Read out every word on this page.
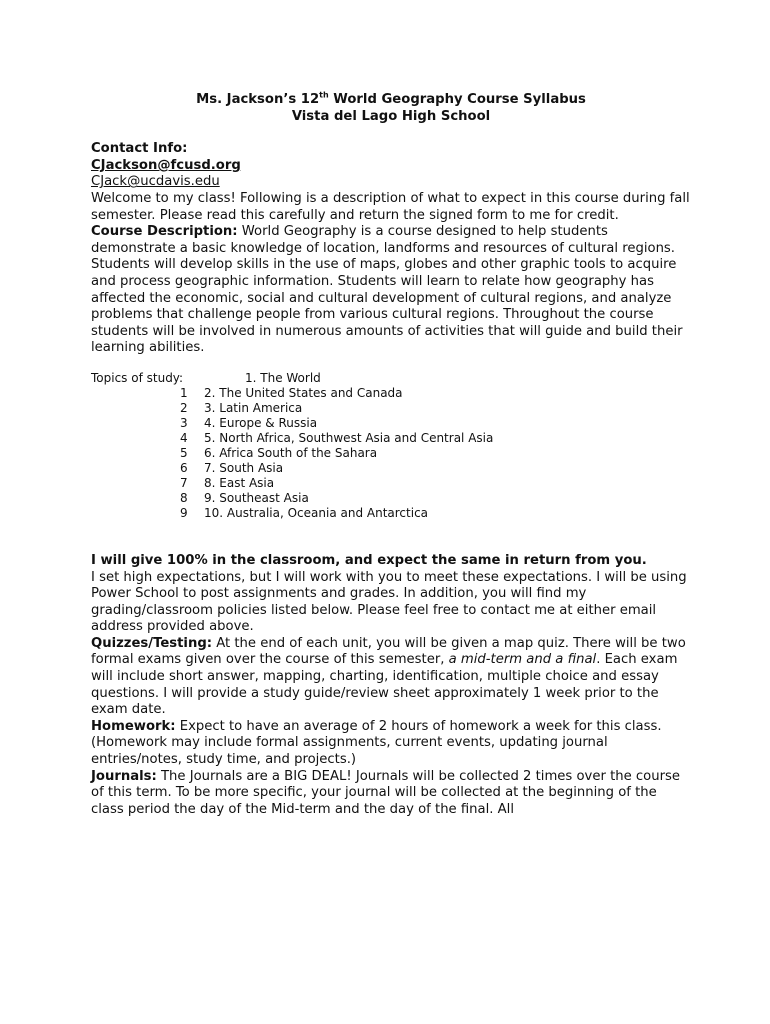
Ms. Jackson’s 12th World Geography Course Syllabus

Vista del Lago High School

Contact Info:
CJackson@fcusd.org
CJack@ucdavis.edu

Welcome to my class! Following is a description of what to expect in this course during fall semester. Please read this carefully and return the signed form to me for credit.

Course Description: World Geography is a course designed to help students demonstrate a basic knowledge of location, landforms and resources of cultural regions. Students will develop skills in the use of maps, globes and other graphic tools to acquire and process geographic information. Students will learn to relate how geography has affected the economic, social and cultural development of cultural regions, and analyze problems that challenge people from various cultural regions. Throughout the course students will be involved in numerous amounts of activities that will guide and build their learning abilities.

Topics of study:	1. The World
1 2. The United States and Canada
2 3. Latin America
3 4. Europe & Russia
4 5. North Africa, Southwest Asia and Central Asia
5 6. Africa South of the Sahara
6 7. South Asia
7 8. East Asia
8 9. Southeast Asia
9 10. Australia, Oceania and Antarctica
I will give 100% in the classroom, and expect the same in return from you.

I set high expectations, but I will work with you to meet these expectations. I will be using Power School to post assignments and grades. In addition, you will find my grading/classroom policies listed below. Please feel free to contact me at either email address provided above.

Quizzes/Testing: At the end of each unit, you will be given a map quiz. There will be two formal exams given over the course of this semester, a mid-term and a final. Each exam will include short answer, mapping, charting, identification, multiple choice and essay questions. I will provide a study guide/review sheet approximately 1 week prior to the exam date.

Homework: Expect to have an average of 2 hours of homework a week for this class. (Homework may include formal assignments, current events, updating journal entries/notes, study time, and projects.)

Journals: The Journals are a BIG DEAL! Journals will be collected 2 times over the course of this term. To be more specific, your journal will be collected at the beginning of the class period the day of the Mid-term and the day of the final. All
